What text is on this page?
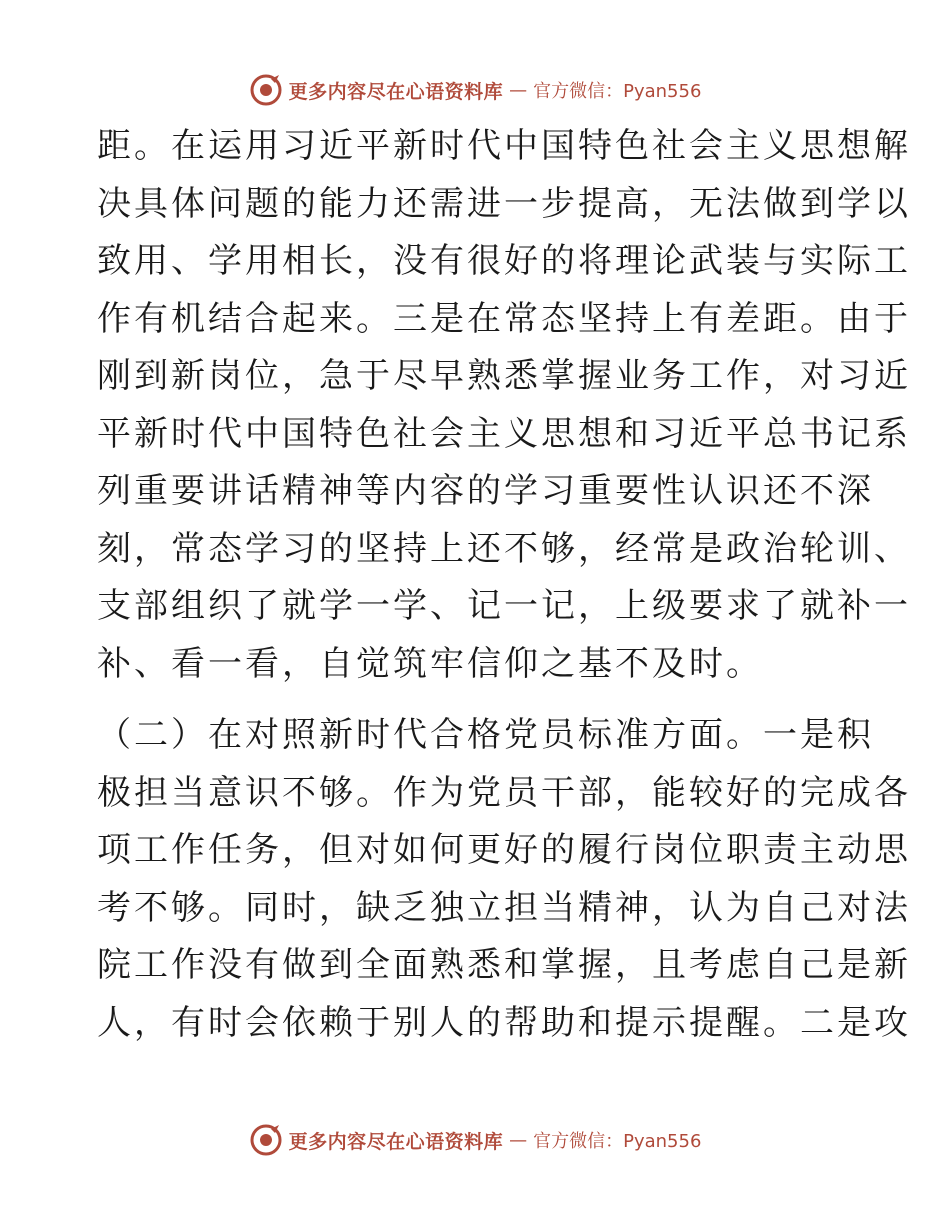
更多内容尽在心语资料库 — 官方微信：Pyan556
距。在运用习近平新时代中国特色社会主义思想解
决具体问题的能力还需进一步提高，无法做到学以
致用、学用相长，没有很好的将理论武装与实际工
作有机结合起来。三是在常态坚持上有差距。由于
刚到新岗位，急于尽早熟悉掌握业务工作，对习近
平新时代中国特色社会主义思想和习近平总书记系
列重要讲话精神等内容的学习重要性认识还不深
刻，常态学习的坚持上还不够，经常是政治轮训、
支部组织了就学一学、记一记，上级要求了就补一
补、看一看，自觉筑牢信仰之基不及时。
（二）在对照新时代合格党员标准方面。一是积
极担当意识不够。作为党员干部，能较好的完成各
项工作任务，但对如何更好的履行岗位职责主动思
考不够。同时，缺乏独立担当精神，认为自己对法
院工作没有做到全面熟悉和掌握，且考虑自己是新
人，有时会依赖于别人的帮助和提示提醒。二是攻
更多内容尽在心语资料库 — 官方微信：Pyan556
